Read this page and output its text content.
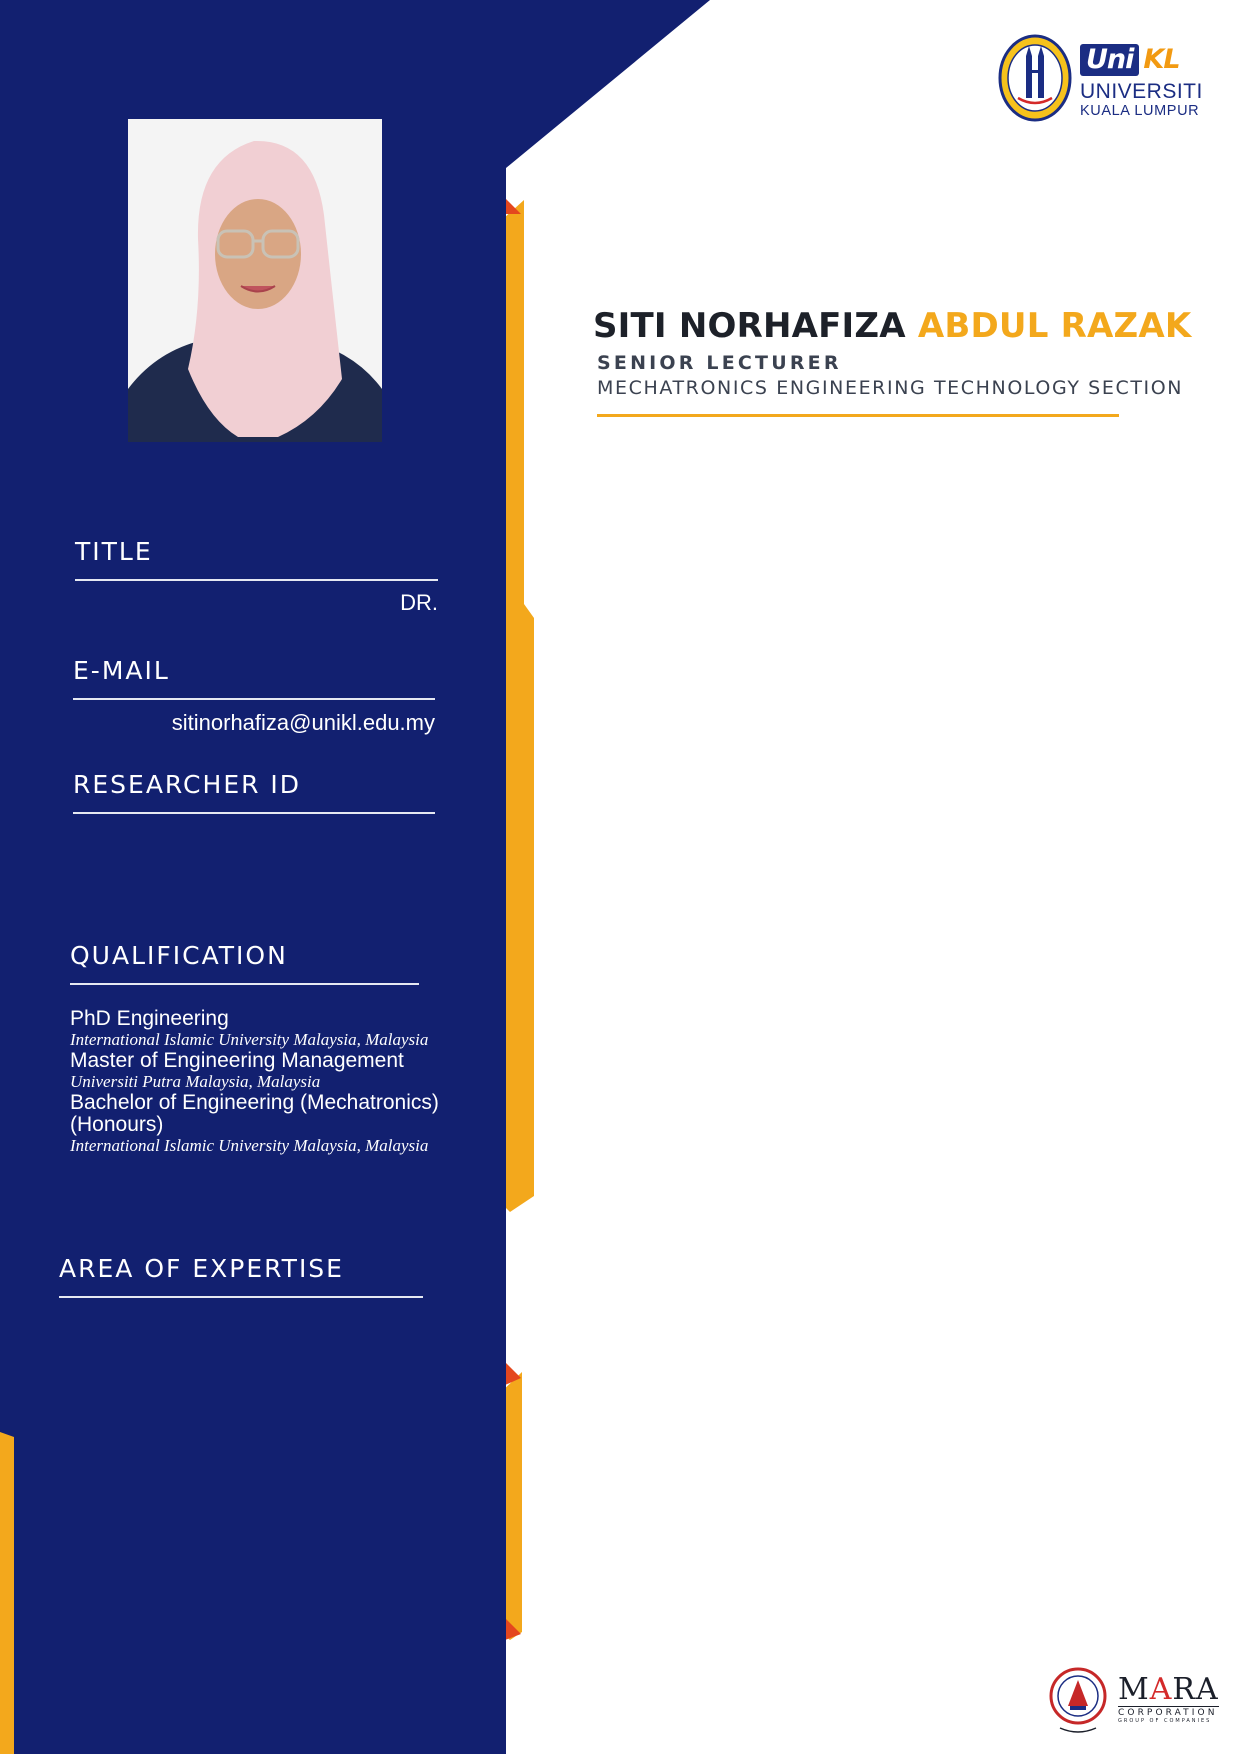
Uni KL
UNIVERSITI
KUALA LUMPUR
SITI NORHAFIZA ABDUL RAZAK
SENIOR LECTURER
MECHATRONICS ENGINEERING TECHNOLOGY SECTION
TITLE
DR.
E-MAIL
sitinorhafiza@unikl.edu.my
RESEARCHER ID
QUALIFICATION
PhD Engineering
International Islamic University Malaysia, Malaysia
Master of Engineering Management
Universiti Putra Malaysia, Malaysia
Bachelor of Engineering (Mechatronics) (Honours)
International Islamic University Malaysia, Malaysia
AREA OF EXPERTISE
MARA
CORPORATION
GROUP OF COMPANIES
